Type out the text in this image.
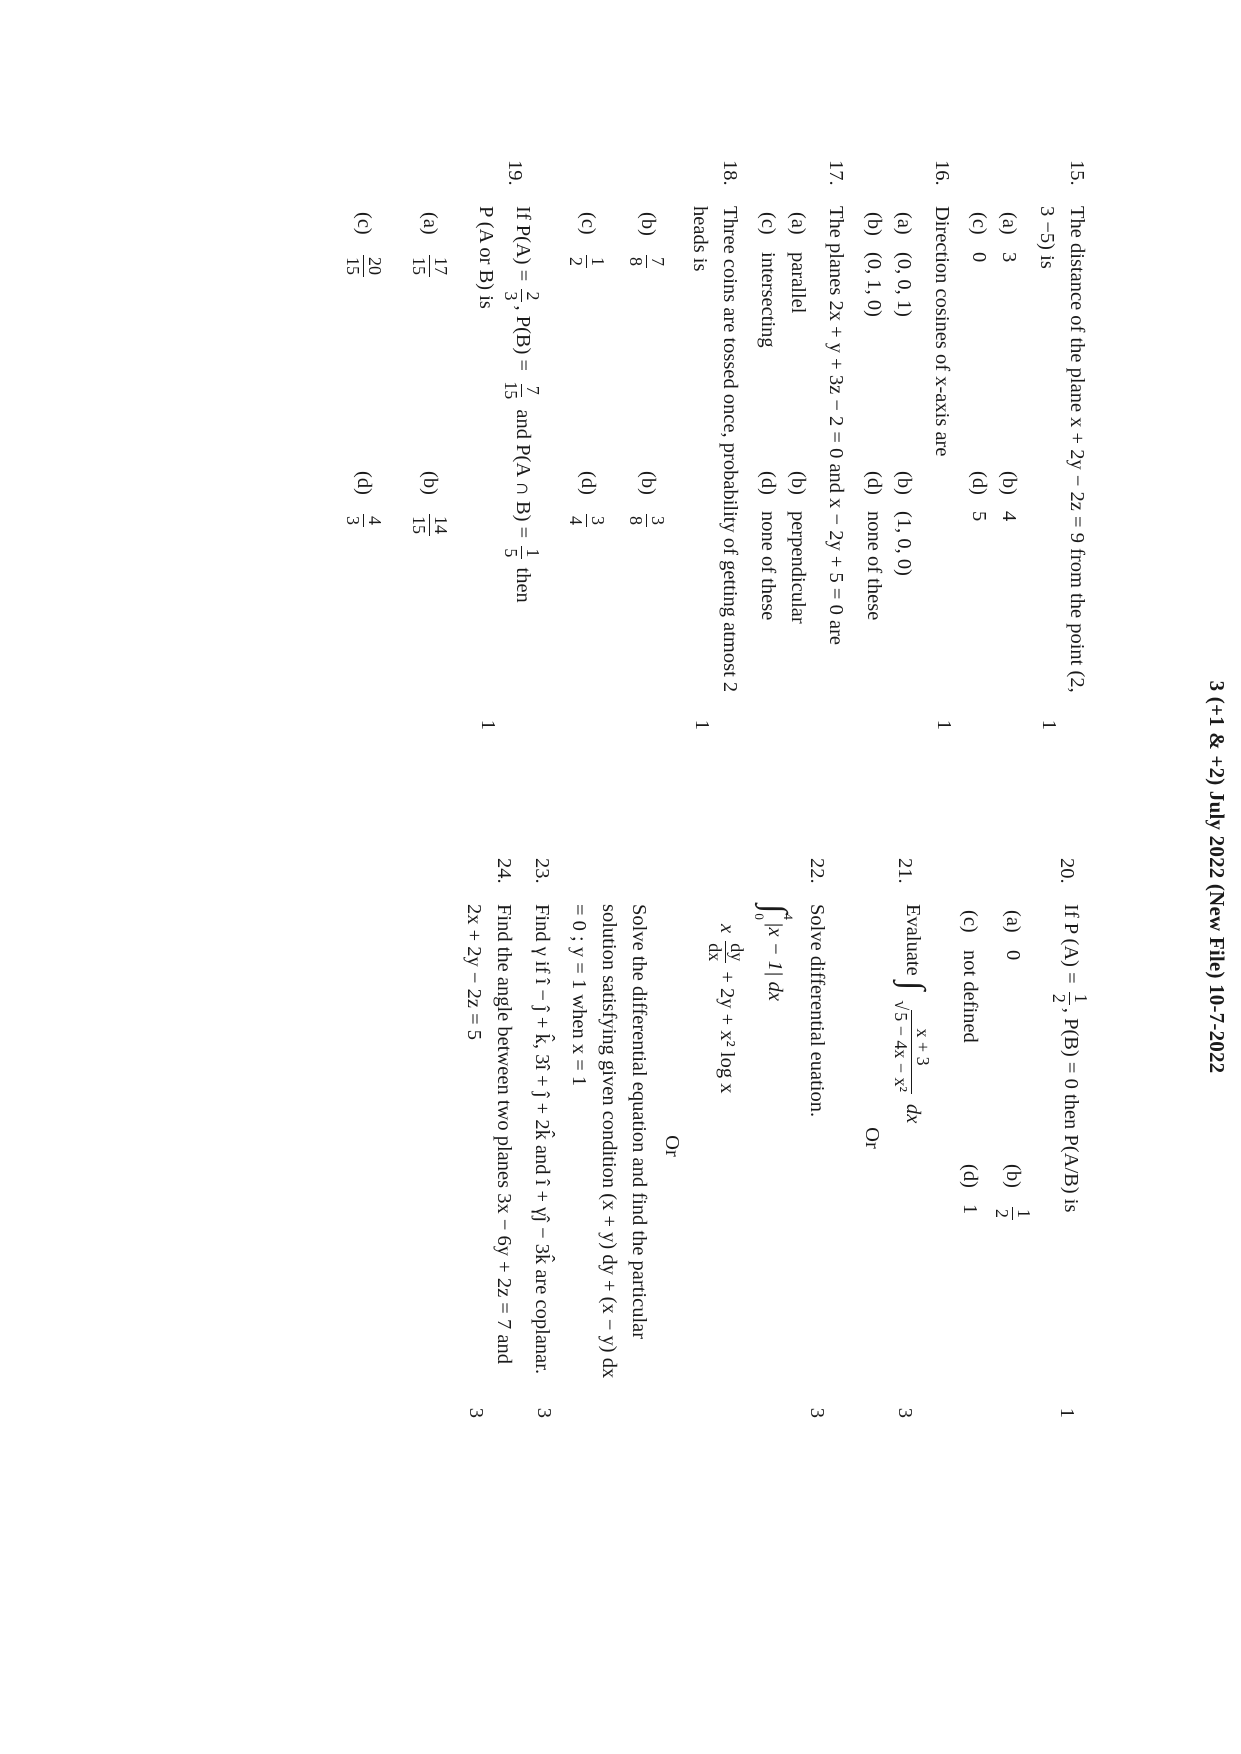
3 (+1 & +2) July 2022 (New File) 10-7-2022
15.
The distance of the plane x + 2y − 2z = 9 from the point (2, 3 −5) is
1
(a)
3
(b)
4
(c)
0
(d)
5
16.
Direction cosines of x-axis are
1
(a)
(0, 0, 1)
(b)
(1, 0, 0)
(b)
(0, 1, 0)
(d)
none of these
17.
The planes 2x + y + 3z − 2 = 0 and x − 2y + 5 = 0 are
(a)
parallel
(b)
perpendicular
(c)
intersecting
(d)
none of these
18.
Three coins are tossed once, probability of getting atmost 2 heads is
1
(b)
7
8
(b)
3
8
(c)
1
2
(d)
3
4
19.
If P(A) =
2
3
, P(B) =
7
15
and P(A ∩ B) =
1
5
then
P (A or B) is
1
(a)
17
15
(b)
14
15
(c)
20
15
(d)
4
3
20.
If P (A) =
1
2
, P(B) = 0 then P(A/B) is
1
(a)
0
(b)
1
2
(c)
not defined
(d)
1
21.
Evaluate ∫
x + 3
√5 − 4x − x²
dx
3
Or
22.
Solve differential euation.
∫
4
0
|x − 1| dx
x
dy
dx
+ 2y + x² log x
Or
Solve the differential equation and find the particular solution satisfying given condition (x + y) dy + (x − y) dx = 0 ; y = 1 when x = 1
3
23.
Find γ if î − ĵ + k̂, 3î + ĵ + 2k̂ and î + γĵ − 3k̂ are coplanar.
3
24.
Find the angle between two planes 3x − 6y + 2z = 7 and 2x + 2y − 2z = 5
3
